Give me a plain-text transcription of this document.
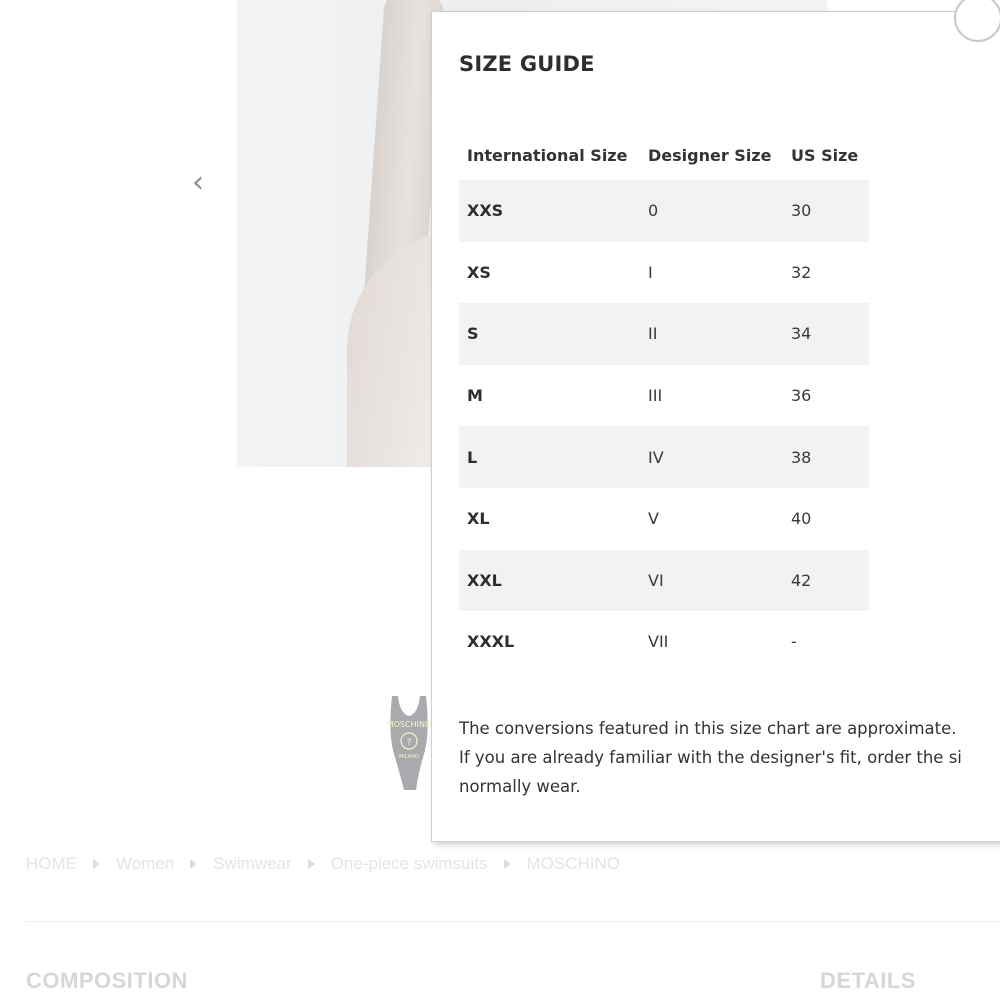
‹
MOSCHINO
?
MILANO
HOME Women Swimwear One-piece swimsuits MOSCHINO
COMPOSITION	DETAILS
SIZE GUIDE
International Size	Designer Size	US Size
XXS	0	30
XS	I	32
S	II	34
M	III	36
L	IV	38
XL	V	40
XXL	VI	42
XXXL	VII	-

The conversions featured in this size chart are approximate.

If you are already familiar with the designer's fit, order the si

normally wear.
